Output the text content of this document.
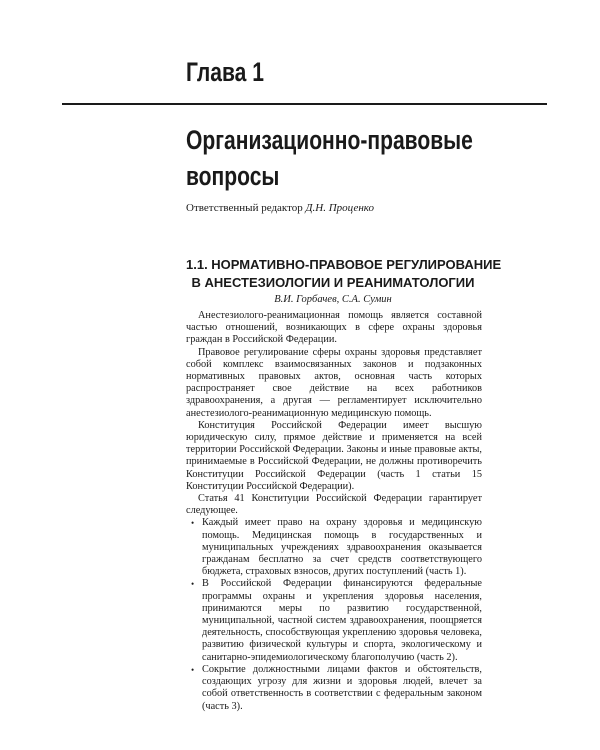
Глава 1
Организационно-правовые
вопросы
Ответственный редактор Д.Н. Проценко
1.1. НОРМАТИВНО-ПРАВОВОЕ РЕГУЛИРОВАНИЕ
В АНЕСТЕЗИОЛОГИИ И РЕАНИМАТОЛОГИИ
В.И. Горбачев, С.А. Сумин

Анестезиолого-реанимационная помощь является составной частью отношений, возникающих в сфере охраны здоровья граждан в Российской Федерации.

Правовое регулирование сферы охраны здоровья представляет собой комплекс взаимосвязанных законов и подзаконных нормативных правовых актов, основная часть которых распространяет свое действие на всех работников здравоохранения, а другая — регламентирует исключительно анестезиолого-реанимационную медицинскую помощь.

Конституция Российской Федерации имеет высшую юридическую силу, прямое действие и применяется на всей территории Российской Федерации. Законы и иные правовые акты, принимаемые в Российской Федерации, не должны противоречить Конституции Российской Федерации (часть 1 статьи 15 Конституции Российской Федерации).

Статья 41 Конституции Российской Федерации гарантирует следующее.

• Каждый имеет право на охрану здоровья и медицинскую помощь. Медицинская помощь в государственных и муниципальных учреждениях здравоохранения оказывается гражданам бесплатно за счет средств соответствующего бюджета, страховых взносов, других поступлений (часть 1).
• В Российской Федерации финансируются федеральные программы охраны и укрепления здоровья населения, принимаются меры по развитию государственной, муниципальной, частной систем здравоохранения, поощряется деятельность, способствующая укреплению здоровья человека, развитию физической культуры и спорта, экологическому и санитарно-эпидемиологическому благополучию (часть 2).
• Сокрытие должностными лицами фактов и обстоятельств, создающих угрозу для жизни и здоровья людей, влечет за собой ответственность в соответствии с федеральным законом (часть 3).
